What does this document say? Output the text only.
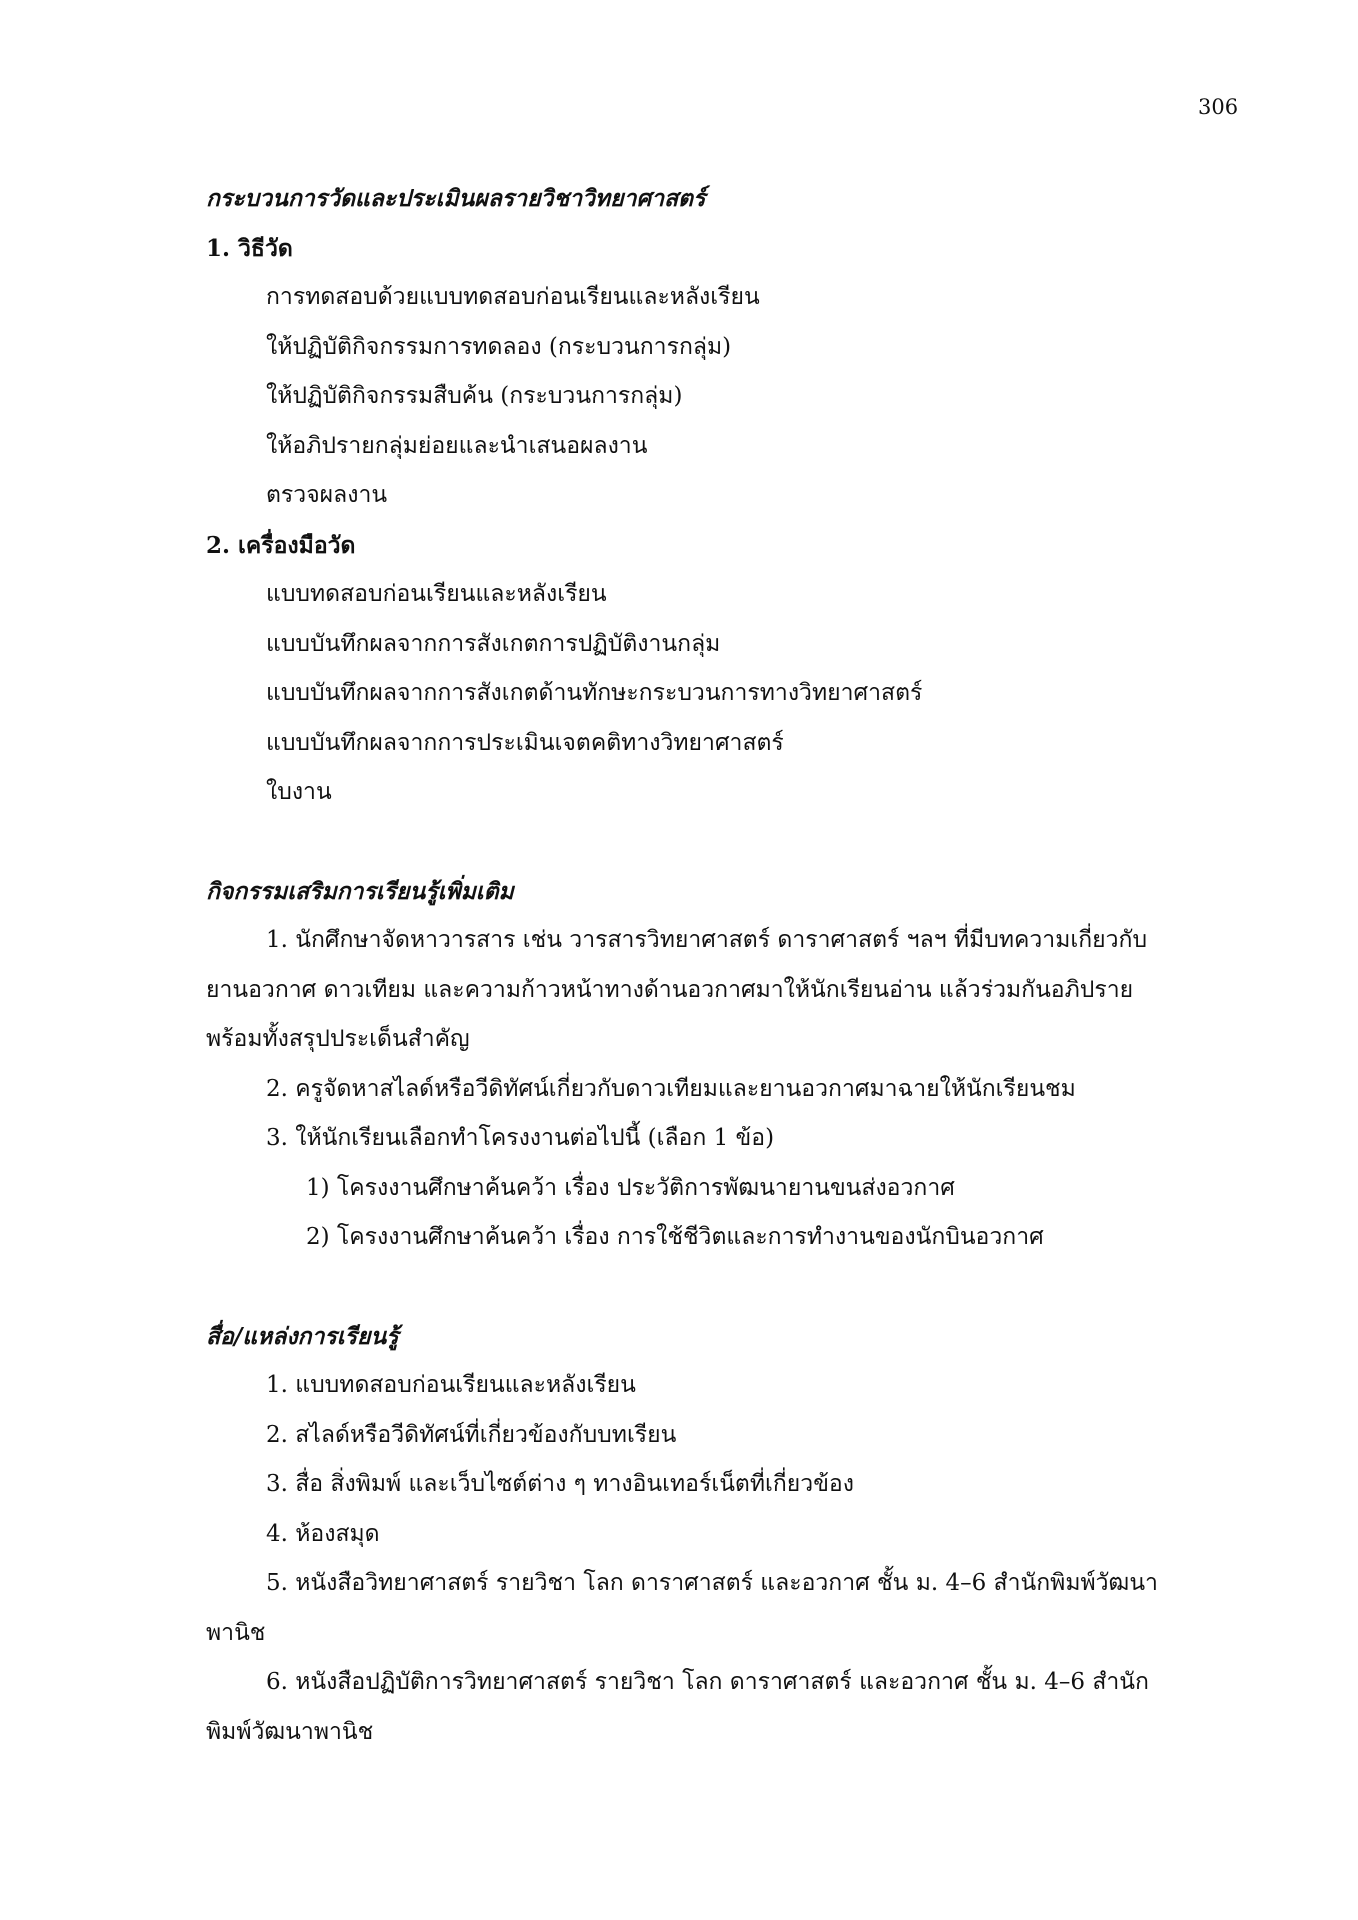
306

กระบวนการวัดและประเมินผลรายวิชาวิทยาศาสตร์

1. วิธีวัด

การทดสอบด้วยแบบทดสอบก่อนเรียนและหลังเรียน

ให้ปฏิบัติกิจกรรมการทดลอง (กระบวนการกลุ่ม)

ให้ปฏิบัติกิจกรรมสืบค้น (กระบวนการกลุ่ม)

ให้อภิปรายกลุ่มย่อยและนำเสนอผลงาน

ตรวจผลงาน

2. เครื่องมือวัด

แบบทดสอบก่อนเรียนและหลังเรียน

แบบบันทึกผลจากการสังเกตการปฏิบัติงานกลุ่ม

แบบบันทึกผลจากการสังเกตด้านทักษะกระบวนการทางวิทยาศาสตร์

แบบบันทึกผลจากการประเมินเจตคติทางวิทยาศาสตร์

ใบงาน

กิจกรรมเสริมการเรียนรู้เพิ่มเติม

1. นักศึกษาจัดหาวารสาร เช่น วารสารวิทยาศาสตร์ ดาราศาสตร์ ฯลฯ ที่มีบทความเกี่ยวกับยานอวกาศ ดาวเทียม และความก้าวหน้าทางด้านอวกาศมาให้นักเรียนอ่าน แล้วร่วมกันอภิปรายพร้อมทั้งสรุปประเด็นสำคัญ

2. ครูจัดหาสไลด์หรือวีดิทัศน์เกี่ยวกับดาวเทียมและยานอวกาศมาฉายให้นักเรียนชม

3. ให้นักเรียนเลือกทำโครงงานต่อไปนี้ (เลือก 1 ข้อ)

1) โครงงานศึกษาค้นคว้า เรื่อง ประวัติการพัฒนายานขนส่งอวกาศ

2) โครงงานศึกษาค้นคว้า เรื่อง การใช้ชีวิตและการทำงานของนักบินอวกาศ

สื่อ/แหล่งการเรียนรู้

1. แบบทดสอบก่อนเรียนและหลังเรียน

2. สไลด์หรือวีดิทัศน์ที่เกี่ยวข้องกับบทเรียน

3. สื่อ สิ่งพิมพ์ และเว็บไซต์ต่าง ๆ ทางอินเทอร์เน็ตที่เกี่ยวข้อง

4. ห้องสมุด

5. หนังสือวิทยาศาสตร์ รายวิชา โลก ดาราศาสตร์ และอวกาศ ชั้น ม. 4–6 สำนักพิมพ์วัฒนาพานิช

6. หนังสือปฏิบัติการวิทยาศาสตร์ รายวิชา โลก ดาราศาสตร์ และอวกาศ ชั้น ม. 4–6 สำนักพิมพ์วัฒนาพานิช
